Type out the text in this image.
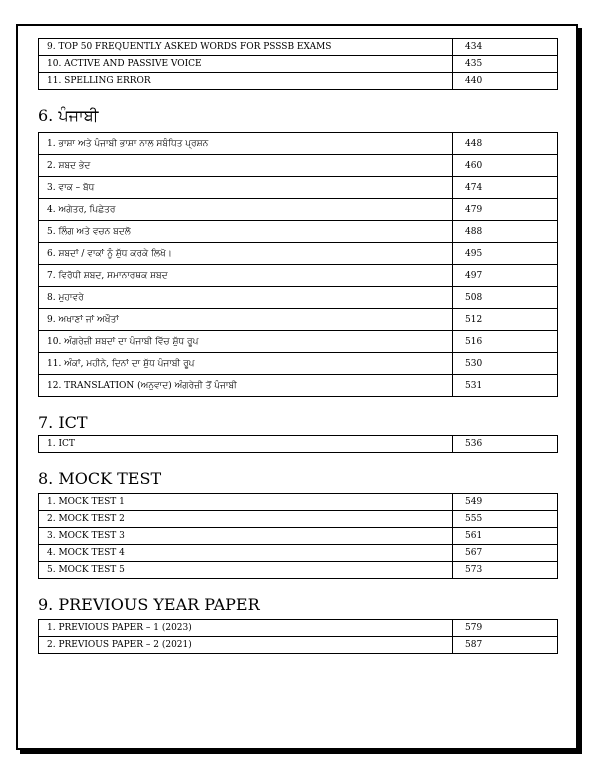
9. TOP 50 FREQUENTLY ASKED WORDS FOR PSSSB EXAMS	434
10. ACTIVE AND PASSIVE VOICE	435
11. SPELLING ERROR	440
6. ਪੰਜਾਬੀ
1. ਭਾਸ਼ਾ ਅਤੇ ਪੰਜਾਬੀ ਭਾਸ਼ਾ ਨਾਲ ਸਬੰਧਿਤ ਪ੍ਰਸ਼ਨ	448
2. ਸ਼ਬਦ ਭੇਦ	460
3. ਵਾਕ – ਬੋਧ	474
4. ਅਗੇਤਰ, ਪਿਛੇਤਰ	479
5. ਲਿੰਗ ਅਤੇ ਵਚਨ ਬਦਲੋ	488
6. ਸ਼ਬਦਾਂ / ਵਾਕਾਂ ਨੂੰ ਸ਼ੁੱਧ ਕਰਕੇ ਲਿਖੋ।	495
7. ਵਿਰੋਧੀ ਸ਼ਬਦ, ਸਮਾਨਾਰਥਕ ਸ਼ਬਦ	497
8. ਮੁਹਾਵਰੇ	508
9. ਅਖਾਣਾਂ ਜਾਂ ਅਖੌਤਾਂ	512
10. ਅੰਗਰੇਜ਼ੀ ਸ਼ਬਦਾਂ ਦਾ ਪੰਜਾਬੀ ਵਿੱਚ ਸ਼ੁੱਧ ਰੂਪ	516
11. ਅੰਕਾਂ, ਮਹੀਨੇ, ਦਿਨਾਂ ਦਾ ਸ਼ੁੱਧ ਪੰਜਾਬੀ ਰੂਪ	530
12. TRANSLATION (ਅਨੁਵਾਦ) ਅੰਗਰੇਜ਼ੀ ਤੋਂ ਪੰਜਾਬੀ	531
7. ICT
1. ICT	536
8. MOCK TEST
1. MOCK TEST 1	549
2. MOCK TEST 2	555
3. MOCK TEST 3	561
4. MOCK TEST 4	567
5. MOCK TEST 5	573
9. PREVIOUS YEAR PAPER
1. PREVIOUS PAPER – 1 (2023)	579
2. PREVIOUS PAPER – 2 (2021)	587
